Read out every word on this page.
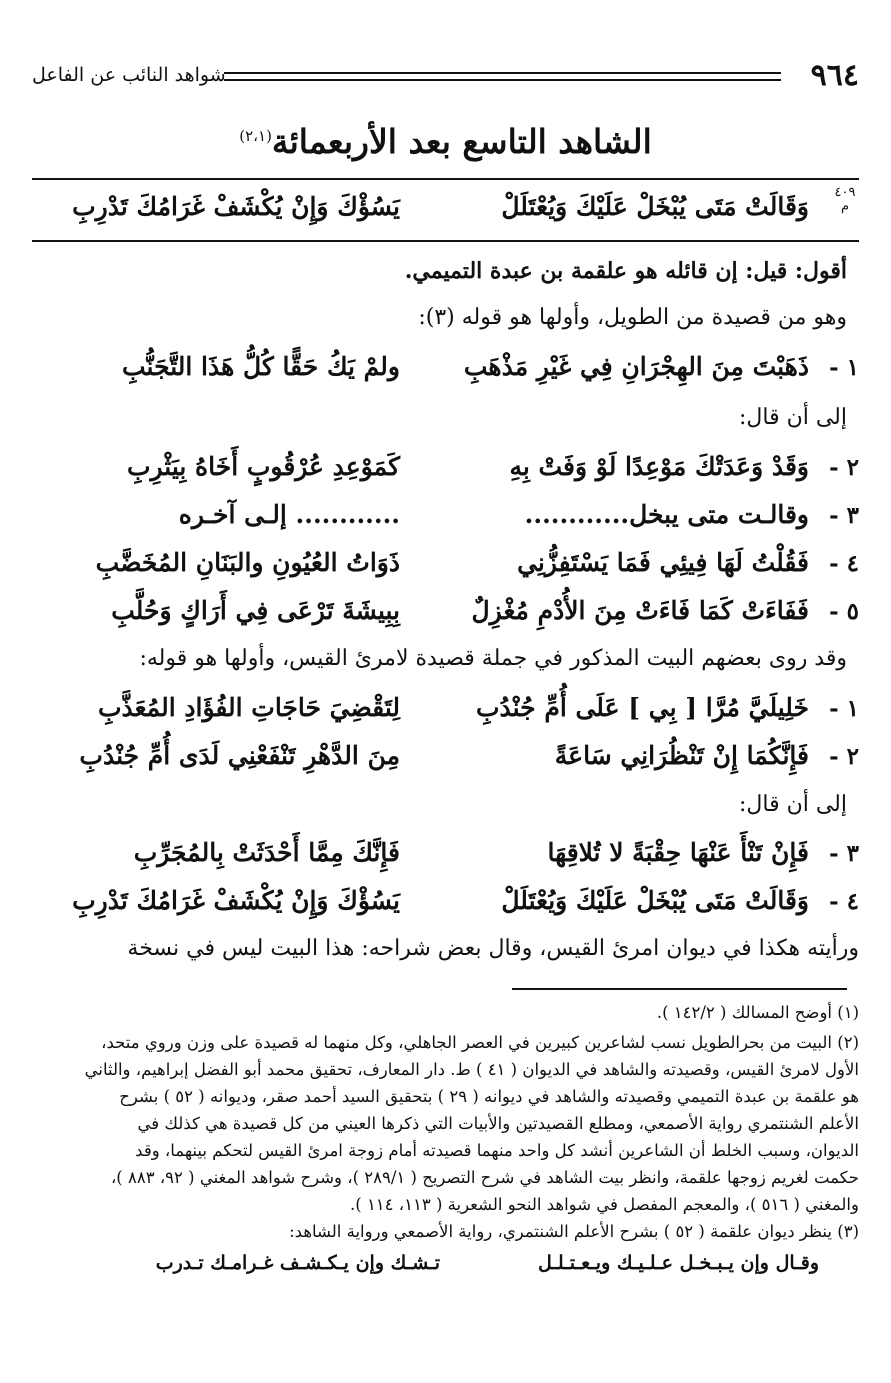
٩٦٤
شواهد النائب عن الفاعل
الشاهد التاسع بعد الأربعمائة$^{(٢،١)}$
٤٠٩
م
وَقَالَتْ مَتَى يُبْخَلْ عَلَيْكَ وَيُعْتَلَلْ
يَسُؤْكَ وَإِنْ يُكْشَفْ غَرَامُكَ تَدْرِبِ
أقول: قيل: إن قائله هو علقمة بن عبدة التميمي.
وهو من قصيدة من الطويل، وأولها هو قوله (٣):
١ -
ذَهَبْتَ مِنَ الهِجْرَانِ فِي غَيْرِ مَذْهَبِ
ولمْ يَكُ حَقًّا كُلُّ هَذَا التَّجَنُّبِ
إلى أن قال:
٢ -
وَقَدْ وَعَدَتْكَ مَوْعِدًا لَوْ وَفَتْ بِهِ
كَمَوْعِدِ عُرْقُوبٍ أَخَاهُ بِيَثْرِبِ
٣ -
وقالـت متى يبخل............
............ إلـى آخـره
٤ -
فَقُلْتُ لَهَا فِيئِي فَمَا يَسْتَفِزُّنِي
ذَوَاتُ العُيُونِ والبَنَانِ المُخَضَّبِ
٥ -
فَفَاءَتْ كَمَا فَاءَتْ مِنَ الأُدْمِ مُغْزِلٌ
بِبِيشَةَ تَرْعَى فِي أَرَاكٍ وَحُلَّبِ
وقد روى بعضهم البيت المذكور في جملة قصيدة لامرئ القيس، وأولها هو قوله:
١ -
خَلِيلَيَّ مُرَّا [ بِي ] عَلَى أُمِّ جُنْدُبِ
لِتَقْضِيَ حَاجَاتِ الفُؤَادِ المُعَذَّبِ
٢ -
فَإِنَّكُمَا إِنْ تَنْظُرَانِي سَاعَةً
مِنَ الدَّهْرِ تَنْفَعْنِي لَدَى أُمِّ جُنْدُبِ
إلى أن قال:
٣ -
فَإِنْ تَنْأَ عَنْهَا حِقْبَةً لا تُلاقِهَا
فَإِنَّكَ مِمَّا أَحْدَثَتْ بِالمُجَرِّبِ
٤ -
وَقَالَتْ مَتَى يُبْخَلْ عَلَيْكَ وَيُعْتَلَلْ
يَسُؤْكَ وَإِنْ يُكْشَفْ غَرَامُكَ تَدْرِبِ
ورأيته هكذا في ديوان امرئ القيس، وقال بعض شراحه: هذا البيت ليس في نسخة
(١) أوضح المسالك ( ١٤٢/٢ ).
(٢) البيت من بحرالطويل نسب لشاعرين كبيرين في العصر الجاهلي، وكل منهما له قصيدة على وزن وروي متحد،
الأول لامرئ القيس، وقصيدته والشاهد في الديوان ( ٤١ ) ط. دار المعارف، تحقيق محمد أبو الفضل إبراهيم، والثاني
هو علقمة بن عبدة التميمي وقصيدته والشاهد في ديوانه ( ٢٩ ) بتحقيق السيد أحمد صقر، وديوانه ( ٥٢ ) بشرح
الأعلم الشنتمري رواية الأصمعي، ومطلع القصيدتين والأبيات التي ذكرها العيني من كل قصيدة هي كذلك في
الديوان، وسبب الخلط أن الشاعرين أنشد كل واحد منهما قصيدته أمام زوجة امرئ القيس لتحكم بينهما، وقد
حكمت لغريم زوجها علقمة، وانظر بيت الشاهد في شرح التصريح ( ٢٨٩/١ )، وشرح شواهد المغني ( ٩٢، ٨٨٣ )،
والمغني ( ٥١٦ )، والمعجم المفصل في شواهد النحو الشعرية ( ١١٣، ١١٤ ).
(٣) ينظر ديوان علقمة ( ٥٢ ) بشرح الأعلم الشنتمري، رواية الأصمعي ورواية الشاهد:
وقـال وإن يـبـخـل عـلـيـك ويـعـتـلـل
تـشـك وإن يـكـشـف غـرامـك تـدرب
